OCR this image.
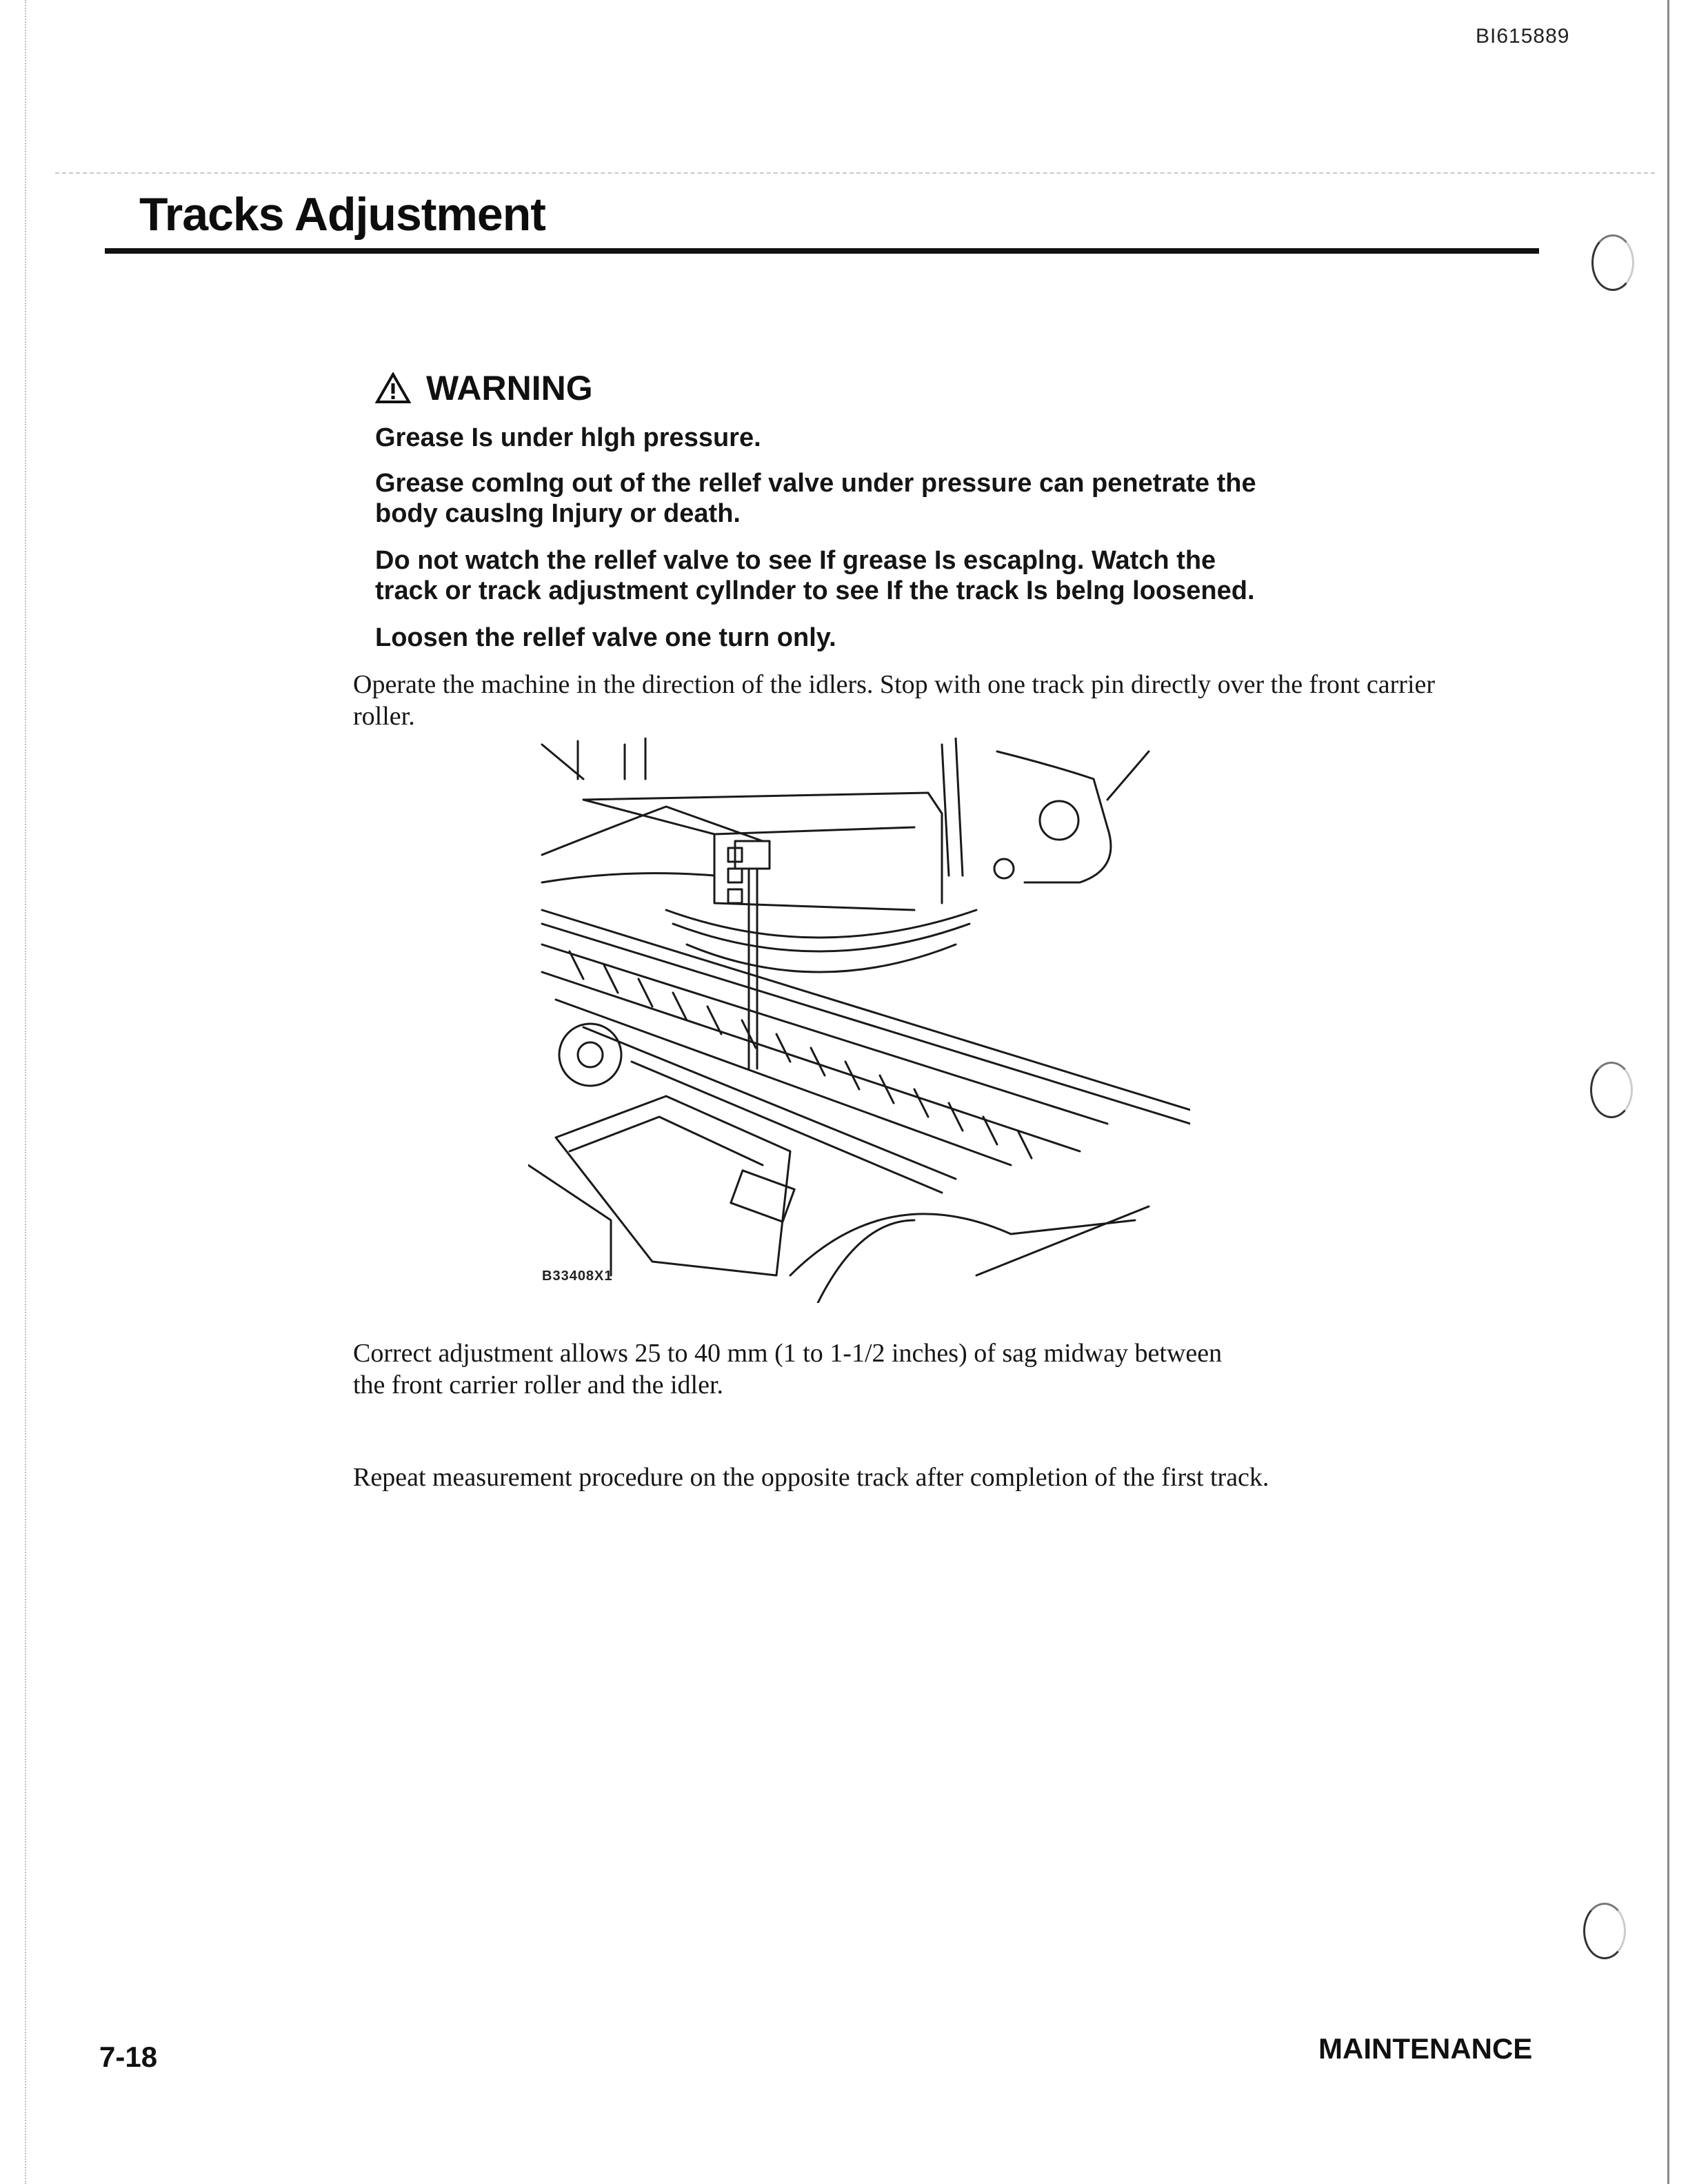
BI615889
Tracks Adjustment
WARNING
Grease Is under hlgh pressure.
Grease comlng out of the rellef valve under pressure can penetrate the
body causlng Injury or death.
Do not watch the rellef valve to see If grease Is escaplng. Watch the
track or track adjustment cyllnder to see If the track Is belng loosened.
Loosen the rellef valve one turn only.
Operate the machine in the direction of the idlers. Stop with one track pin directly over the front carrier
roller.
B33408X1
Correct adjustment allows 25 to 40 mm (1 to 1-1/2 inches) of sag midway between
the front carrier roller and the idler.
Repeat measurement procedure on the opposite track after completion of the first track.
7-18	MAINTENANCE
